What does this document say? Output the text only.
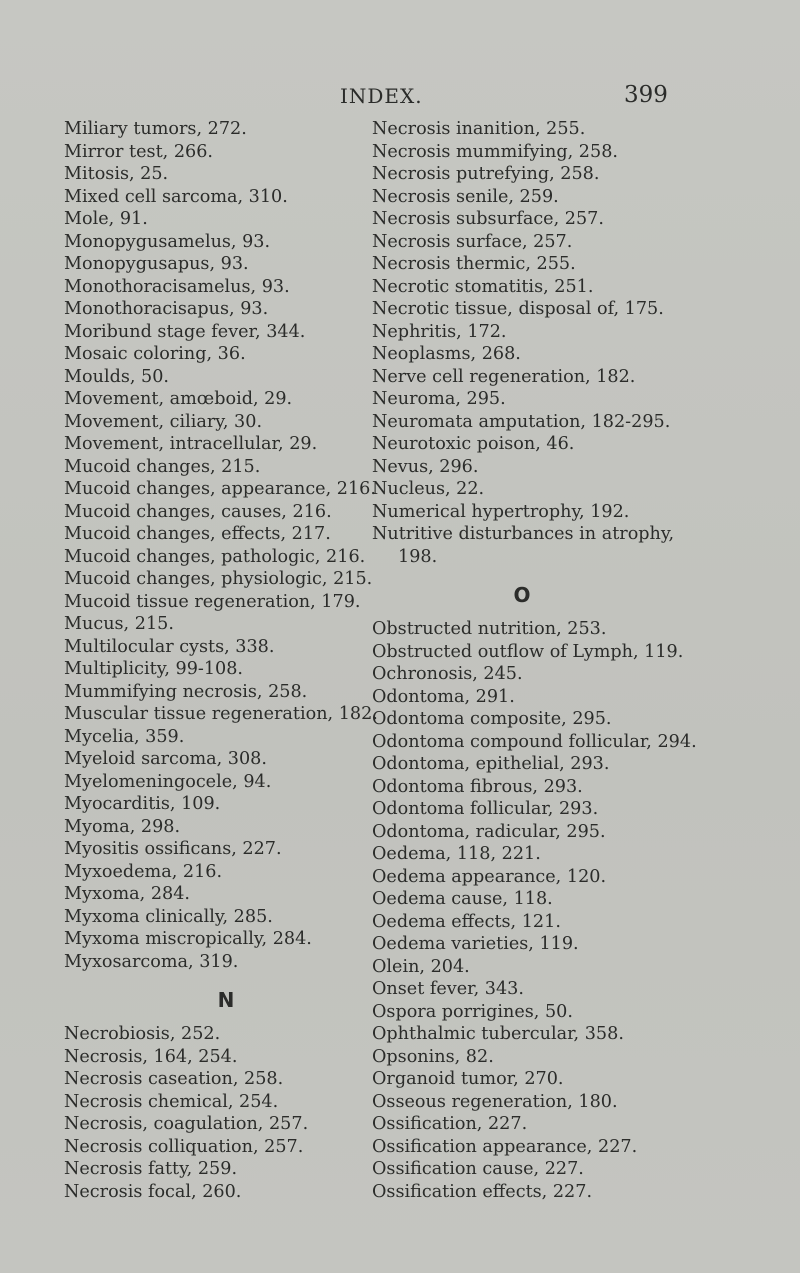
INDEX.	399
Miliary tumors, 272.
Mirror test, 266.
Mitosis, 25.
Mixed cell sarcoma, 310.
Mole, 91.
Monopygusamelus, 93.
Monopygusapus, 93.
Monothoracisamelus, 93.
Monothoracisapus, 93.
Moribund stage fever, 344.
Mosaic coloring, 36.
Moulds, 50.
Movement, amœboid, 29.
Movement, ciliary, 30.
Movement, intracellular, 29.
Mucoid changes, 215.
Mucoid changes, appearance, 216.
Mucoid changes, causes, 216.
Mucoid changes, effects, 217.
Mucoid changes, pathologic, 216.
Mucoid changes, physiologic, 215.
Mucoid tissue regeneration, 179.
Mucus, 215.
Multilocular cysts, 338.
Multiplicity, 99-108.
Mummifying necrosis, 258.
Muscular tissue regeneration, 182.
Mycelia, 359.
Myeloid sarcoma, 308.
Myelomeningocele, 94.
Myocarditis, 109.
Myoma, 298.
Myositis ossificans, 227.
Myxoedema, 216.
Myxoma, 284.
Myxoma clinically, 285.
Myxoma miscropically, 284.
Myxosarcoma, 319.
N
Necrobiosis, 252.
Necrosis, 164, 254.
Necrosis caseation, 258.
Necrosis chemical, 254.
Necrosis, coagulation, 257.
Necrosis colliquation, 257.
Necrosis fatty, 259.
Necrosis focal, 260.
Necrosis inanition, 255.
Necrosis mummifying, 258.
Necrosis putrefying, 258.
Necrosis senile, 259.
Necrosis subsurface, 257.
Necrosis surface, 257.
Necrosis thermic, 255.
Necrotic stomatitis, 251.
Necrotic tissue, disposal of, 175.
Nephritis, 172.
Neoplasms, 268.
Nerve cell regeneration, 182.
Neuroma, 295.
Neuromata amputation, 182-295.
Neurotoxic poison, 46.
Nevus, 296.
Nucleus, 22.
Numerical hypertrophy, 192.
Nutritive disturbances in atrophy,
198.
O
Obstructed nutrition, 253.
Obstructed outflow of Lymph, 119.
Ochronosis, 245.
Odontoma, 291.
Odontoma composite, 295.
Odontoma compound follicular, 294.
Odontoma, epithelial, 293.
Odontoma fibrous, 293.
Odontoma follicular, 293.
Odontoma, radicular, 295.
Oedema, 118, 221.
Oedema appearance, 120.
Oedema cause, 118.
Oedema effects, 121.
Oedema varieties, 119.
Olein, 204.
Onset fever, 343.
Ospora porrigines, 50.
Ophthalmic tubercular, 358.
Opsonins, 82.
Organoid tumor, 270.
Osseous regeneration, 180.
Ossification, 227.
Ossification appearance, 227.
Ossification cause, 227.
Ossification effects, 227.
